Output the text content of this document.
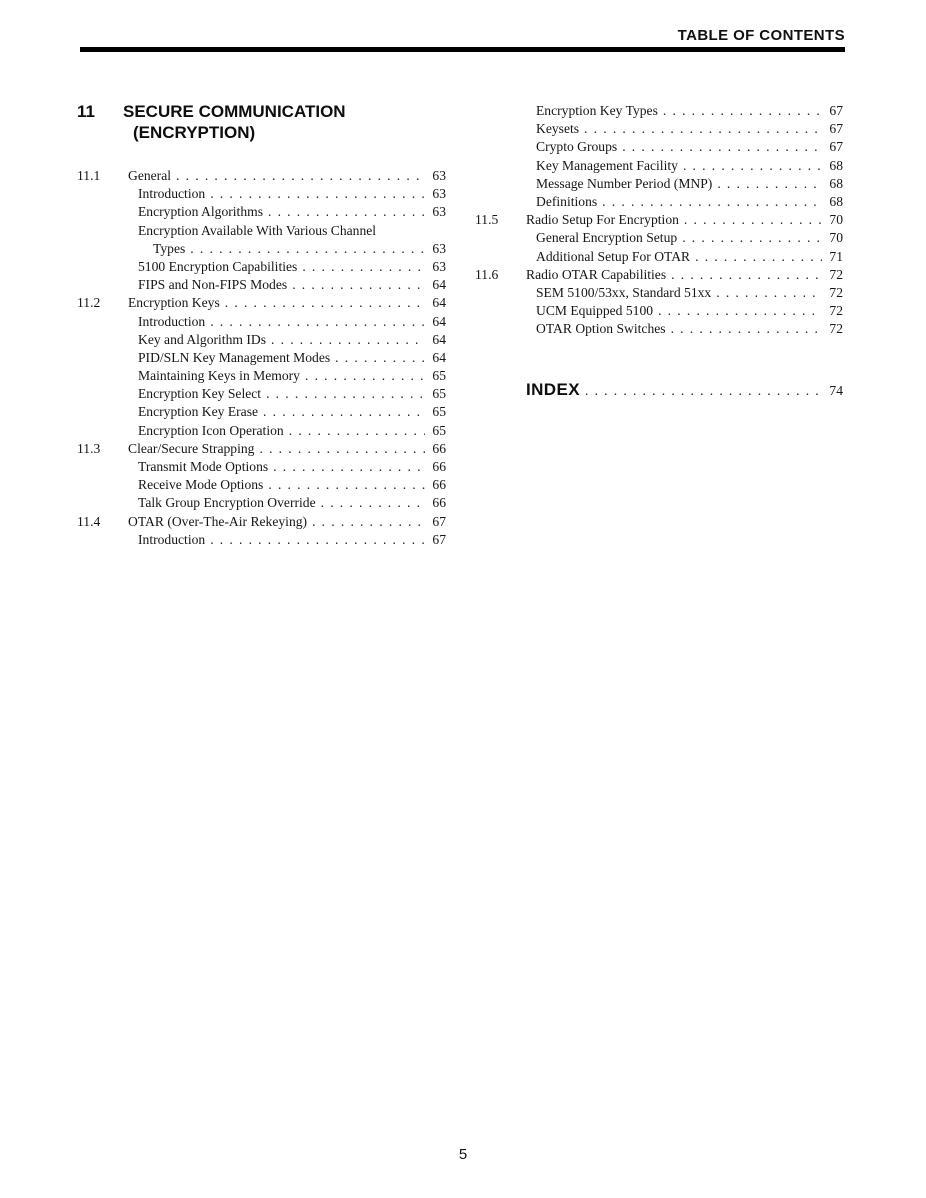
TABLE OF CONTENTS
11	SECURE COMMUNICATION (ENCRYPTION)
11.1	General . . .	63
Introduction . . .	63
Encryption Algorithms . . .	63
Encryption Available With Various Channel
Types . . .	63
5100 Encryption Capabilities . . .	63
FIPS and Non-FIPS Modes . . .	64
11.2	Encryption Keys . . .	64
Introduction . . .	64
Key and Algorithm IDs . . .	64
PID/SLN Key Management Modes . . .	64
Maintaining Keys in Memory . . .	65
Encryption Key Select . . .	65
Encryption Key Erase . . .	65
Encryption Icon Operation . . .	65
11.3	Clear/Secure Strapping . . .	66
Transmit Mode Options . . .	66
Receive Mode Options . . .	66
Talk Group Encryption Override . . .	66
11.4	OTAR (Over-The-Air Rekeying) . . .	67
Introduction . . .	67
Encryption Key Types . . .	67
Keysets . . .	67
Crypto Groups . . .	67
Key Management Facility . . .	68
Message Number Period (MNP) . . .	68
Definitions . . .	68
11.5	Radio Setup For Encryption . . .	70
General Encryption Setup . . .	70
Additional Setup For OTAR . . .	71
11.6	Radio OTAR Capabilities . . .	72
SEM 5100/53xx, Standard 51xx . . .	72
UCM Equipped 5100 . . .	72
OTAR Option Switches . . .	72
INDEX . . .	74
5
